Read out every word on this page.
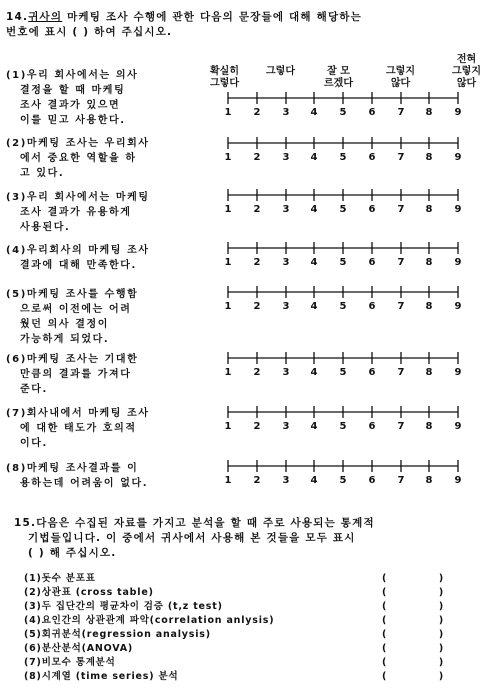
14.귀사의 마케팅 조사 수행에 관한 다음의 문장들에 대해 해당하는
번호에 표시 ( ) 하여 주십시오.
확실히
그렇다
그렇다	잘 모
르겠다
그렇지
않다
전혀
그렇지
않다
(1)우리 회사에서는 의사
결정을 할 때 마케팅
조사 결과가 있으면
이를 믿고 사용한다.
1	2	3	4	5	6	7	8	9
(2)마케팅 조사는 우리회사
에서 중요한 역할을 하
고 있다.
1	2	3	4	5	6	7	8	9
(3)우리 회사에서는 마케팅
조사 결과가 유용하게
사용된다.
1	2	3	4	5	6	7	8	9
(4)우리회사의 마케팅 조사
결과에 대해 만족한다.	1	2	3	4	5	6	7	8	9
(5)마케팅 조사를 수행함
으로써 이전에는 어려
웠던 의사 결정이
가능하게 되었다.
1	2	3	4	5	6	7	8	9
(6)마케팅 조사는 기대한
만큼의 결과를 가져다
준다.
1	2	3	4	5	6	7	8	9
(7)회사내에서 마케팅 조사
에 대한 태도가 호의적
이다.
1	2	3	4	5	6	7	8	9
(8)마케팅 조사결과를 이
용하는데 어려움이 없다.	1	2	3	4	5	6	7	8	9
15.다음은 수집된 자료를 가지고 분석을 할 때 주로 사용되는 통계적
기법들입니다. 이 중에서 귀사에서 사용해 본 것들을 모두 표시
( ) 해 주십시오.
(1)돗수 분포표	(	)
(2)상관표 (cross table)	(	)
(3)두 집단간의 평균차이 검증 (t,z test)	(	)
(4)요인간의 상관관계 파악(correlation anlysis)	(	)
(5)회귀분석(regression analysis)	(	)
(6)분산분석(ANOVA)	(	)
(7)비모수 통계분석	(	)
(8)시계열 (time series) 분석	(	)
